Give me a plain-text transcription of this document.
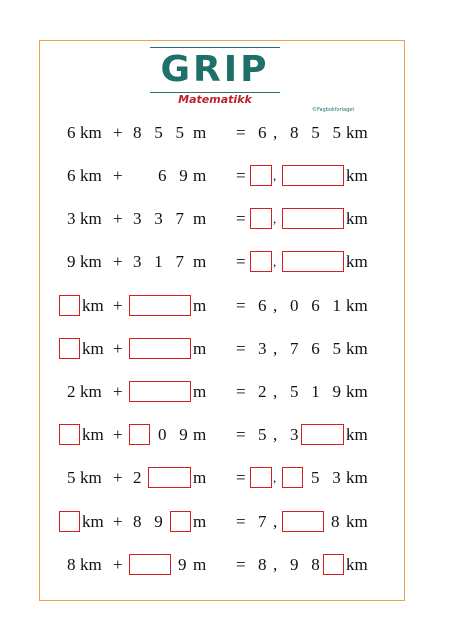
GRIP
Matematikk
©Fagbokforlaget
6 km + 8   5   5 m = 6 , 8   5   5 km
6 km + 6   9 m = ,	km
3 km + 3   3   7 m = ,	km
9 km + 3   1   7 m = ,	km
km +	m = 6 , 0   6   1 km
km +	m = 3 , 7   6   5 km
2 km +	m = 2 , 5   1   9 km
km + 0   9 m = 5 , 3	km
5 km + 2	m = , 5   3 km
km + 8   9 m = 7 ,	8 km
8 km +	9 m = 8 , 9   8 km
